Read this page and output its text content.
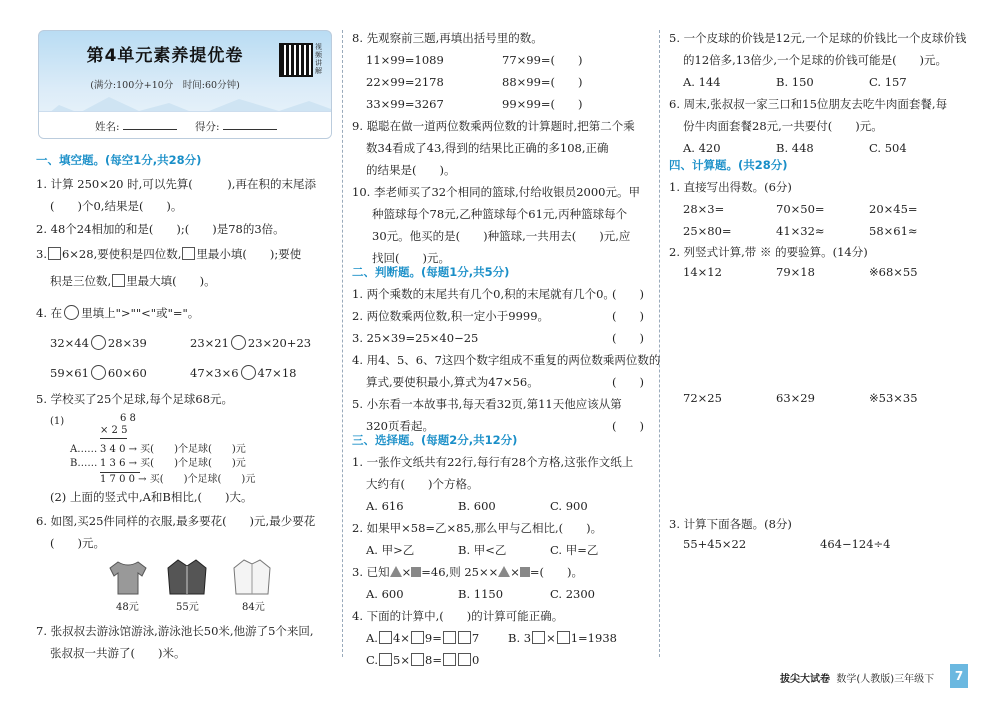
第4单元素养提优卷
(满分:100分+10分　时间:60分钟)
视频讲解
姓名:	得分:
一、填空题。(每空1分,共28分)
1. 计算 250×20 时,可以先算(　　　),再在积的末尾添
(　　)个0,结果是(　　)。
2. 48个24相加的和是(　　);(　　)是78的3倍。
3. 6×28,要使积是四位数, 里最小填(　　);要使
积是三位数, 里最大填(　　)。
4. 在 里填上">""<"或"="。
32×44 28×39	23×21 23×20+23
59×61 60×60	47×3×6 47×18
5. 学校买了25个足球,每个足球68元。
(1)	6 8
× 2 5
A…… 3 4 0 → 买(　　)个足球(　　)元
B…… 1 3 6 → 买(　　)个足球(　　)元
1 7 0 0 → 买(　　)个足球(　　)元
(2) 上面的竖式中,A和B相比,(　　)大。
6. 如图,买25件同样的衣服,最多要花(　　)元,最少要花
(　　)元。
48元	55元	84元
7. 张叔叔去游泳馆游泳,游泳池长50米,他游了5个来回,
张叔叔一共游了(　　)米。
8. 先观察前三题,再填出括号里的数。
11×99=1089	77×99=(　　)
22×99=2178	88×99=(　　)
33×99=3267	99×99=(　　)
9. 聪聪在做一道两位数乘两位数的计算题时,把第二个乘
数34看成了43,得到的结果比正确的多108,正确
的结果是(　　)。
10. 李老师买了32个相同的篮球,付给收银员2000元。甲
种篮球每个78元,乙种篮球每个61元,丙种篮球每个
30元。他买的是(　　)种篮球,一共用去(　　)元,应
找回(　　)元。
二、判断题。(每题1分,共5分)
1. 两个乘数的末尾共有几个0,积的末尾就有几个0。
(　　)
2. 两位数乘两位数,积一定小于9999。	(　　)
3. 25×39=25×40−25	(　　)
4. 用4、5、6、7这四个数字组成不重复的两位数乘两位数的
算式,要使积最小,算式为47×56。	(　　)
5. 小东看一本故事书,每天看32页,第11天他应该从第
320页看起。	(　　)
三、选择题。(每题2分,共12分)
1. 一张作文纸共有22行,每行有28个方格,这张作文纸上
大约有(　　)个方格。
A. 616	B. 600	C. 900
2. 如果甲×58=乙×85,那么甲与乙相比,(　　)。
A. 甲>乙	B. 甲<乙	C. 甲=乙
3. 已知 × =46,则 25×× × =(　　)。
A. 600	B. 1150	C. 2300
4. 下面的计算中,(　　)的计算可能正确。
A. 4× 9=	7	B. 3 × 1=1938
C. 5× 8=	0
5. 一个皮球的价钱是12元,一个足球的价钱比一个皮球价钱
的12倍多,13倍少,一个足球的价钱可能是(　　)元。
A. 144	B. 150	C. 157
6. 周末,张叔叔一家三口和15位朋友去吃牛肉面套餐,每
份牛肉面套餐28元,一共要付(　　)元。
A. 420	B. 448	C. 504
四、计算题。(共28分)
1. 直接写出得数。(6分)
28×3=	70×50=	20×45=
25×80=	41×32≈	58×61≈
2. 列竖式计算,带 ※ 的要验算。(14分)
14×12	79×18	※68×55
72×25	63×29	※53×35
3. 计算下面各题。(8分)
55+45×22	464−124÷4
拔尖大试卷 数学(人教版)三年级下	7
